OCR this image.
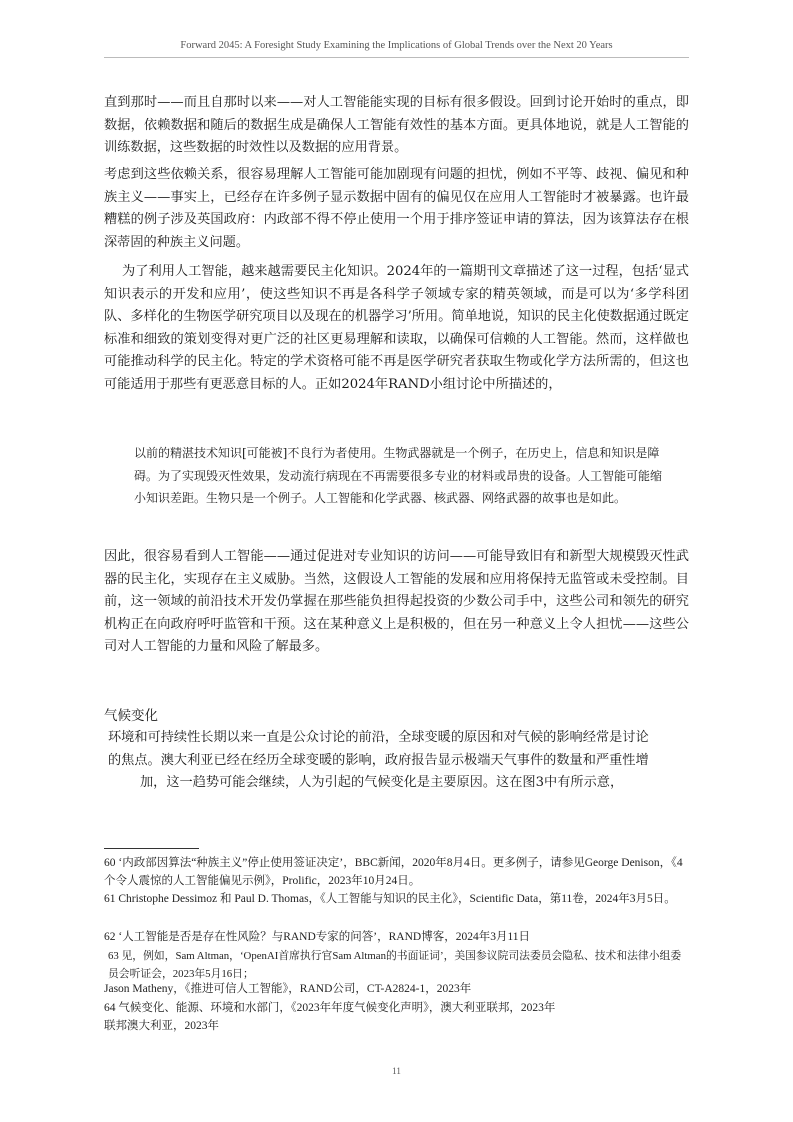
Forward 2045: A Foresight Study Examining the Implications of Global Trends over the Next 20 Years

直到那时——而且自那时以来——对人工智能能实现的目标有很多假设。回到讨论开始时的重点，即数据，依赖数据和随后的数据生成是确保人工智能有效性的基本方面。更具体地说，就是人工智能的训练数据，这些数据的时效性以及数据的应用背景。

考虑到这些依赖关系，很容易理解人工智能可能加剧现有问题的担忧，例如不平等、歧视、偏见和种族主义——事实上，已经存在许多例子显示数据中固有的偏见仅在应用人工智能时才被暴露。也许最糟糕的例子涉及英国政府：内政部不得不停止使用一个用于排序签证申请的算法，因为该算法存在根深蒂固的种族主义问题。

为了利用人工智能，越来越需要民主化知识。2024年的一篇期刊文章描述了这一过程，包括‘显式知识表示的开发和应用’，使这些知识不再是各科学子领域专家的精英领域，而是可以为‘多学科团队、多样化的生物医学研究项目以及现在的机器学习’所用。简单地说，知识的民主化使数据通过既定标准和细致的策划变得对更广泛的社区更易理解和读取，以确保可信赖的人工智能。然而，这样做也可能推动科学的民主化。特定的学术资格可能不再是医学研究者获取生物或化学方法所需的，但这也可能适用于那些有更恶意目标的人。正如2024年RAND小组讨论中所描述的，

以前的精湛技术知识[可能被]不良行为者使用。生物武器就是一个例子，在历史上，信息和知识是障碍。为了实现毁灭性效果，发动流行病现在不再需要很多专业的材料或昂贵的设备。人工智能可能缩小知识差距。生物只是一个例子。人工智能和化学武器、核武器、网络武器的故事也是如此。

因此，很容易看到人工智能——通过促进对专业知识的访问——可能导致旧有和新型大规模毁灭性武器的民主化，实现存在主义威胁。当然，这假设人工智能的发展和应用将保持无监管或未受控制。目前，这一领域的前沿技术开发仍掌握在那些能负担得起投资的少数公司手中，这些公司和领先的研究机构正在向政府呼吁监管和干预。这在某种意义上是积极的，但在另一种意义上令人担忧——这些公司对人工智能的力量和风险了解最多。

气候变化

环境和可持续性长期以来一直是公众讨论的前沿，全球变暖的原因和对气候的影响经常是讨论
的焦点。澳大利亚已经在经历全球变暖的影响，政府报告显示极端天气事件的数量和严重性增
加，这一趋势可能会继续，人为引起的气候变化是主要原因。这在图3中有所示意，

60 ‘内政部因算法“种族主义”停止使用签证决定’，BBC新闻，2020年8月4日。更多例子，请参见George Denison，《4个令人震惊的人工智能偏见示例》，Prolific，2023年10月24日。

61 Christophe Dessimoz 和 Paul D. Thomas，《人工智能与知识的民主化》，Scientific Data，第11卷，2024年3月5日。

62 ‘人工智能是否是存在性风险？与RAND专家的问答’，RAND博客，2024年3月11日

63 见，例如，Sam Altman，‘OpenAI首席执行官Sam Altman的书面证词’，美国参议院司法委员会隐私、技术和法律小组委员会听证会，2023年5月16日；

Jason Matheny，《推进可信人工智能》，RAND公司，CT-A2824-1，2023年

64 气候变化、能源、环境和水部门，《2023年年度气候变化声明》，澳大利亚联邦，2023年

联邦澳大利亚，2023年

11
